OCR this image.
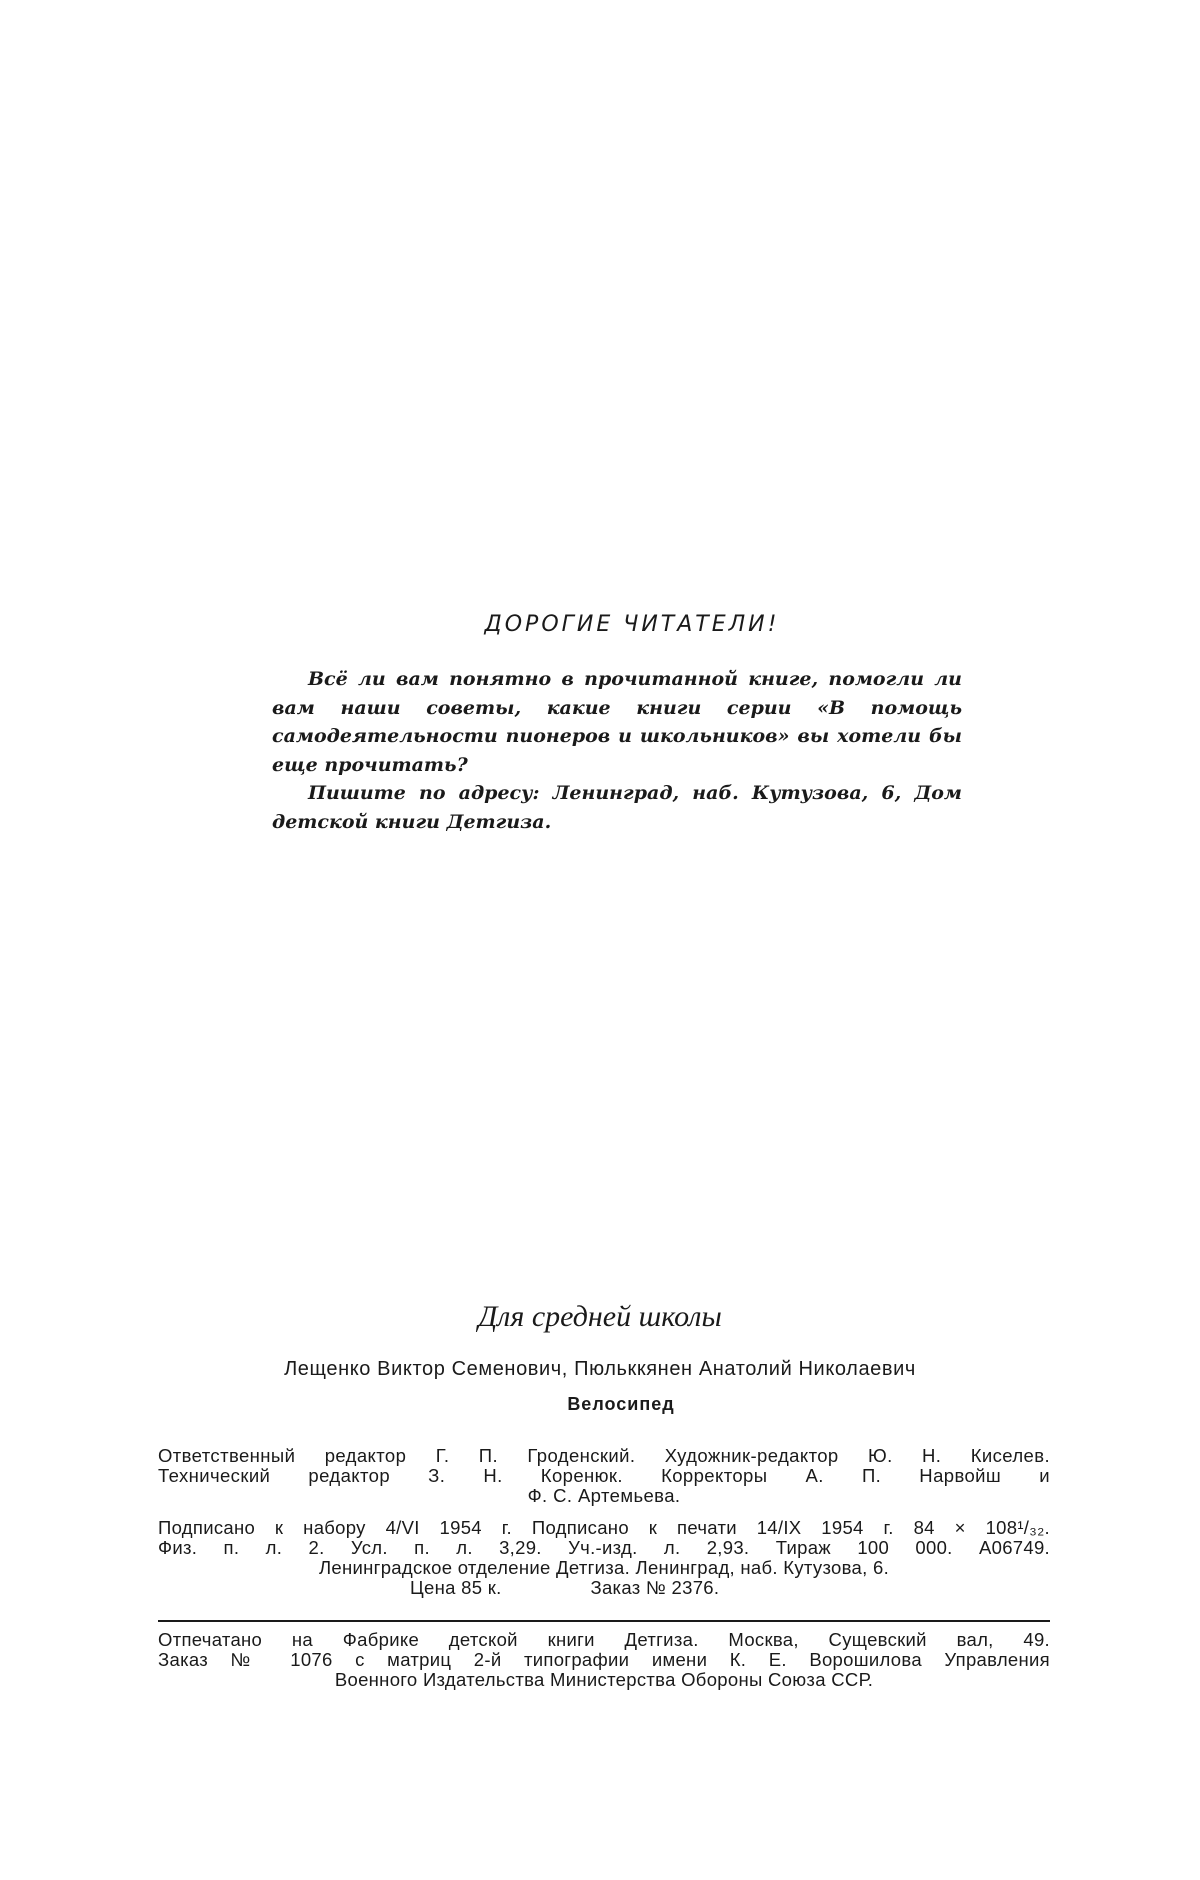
ДОРОГИЕ ЧИТАТЕЛИ!

Всё ли вам понятно в прочитанной книге, помогли ли вам наши советы, какие книги серии «В помощь самодеятельности пионеров и школьников» вы хотели бы еще прочитать?

Пишите по адресу: Ленинград, наб. Кутузова, 6, Дом детской книги Детгиза.

Для средней школы
Лещенко Виктор Семенович, Пюльккянен Анатолий Николаевич
Велосипед
Ответственный редактор Г. П. Гроденский. Художник-редактор Ю. Н. Киселев.
Технический редактор З. Н. Коренюк. Корректоры А. П. Нарвойш и
Ф. С. Артемьева.
Подписано к набору 4/VI 1954 г. Подписано к печати 14/IX 1954 г. 84 × 108¹/₃₂.
Физ. п. л. 2. Усл. п. л. 3,29. Уч.-изд. л. 2,93. Тираж 100 000. А06749.
Ленинградское отделение Детгиза. Ленинград, наб. Кутузова, 6.
Цена 85 к.	Заказ № 2376.
Отпечатано на Фабрике детской книги Детгиза. Москва, Сущевский вал, 49.
Заказ № 1076 с матриц 2-й типографии имени К. Е. Ворошилова Управления
Военного Издательства Министерства Обороны Союза ССР.
